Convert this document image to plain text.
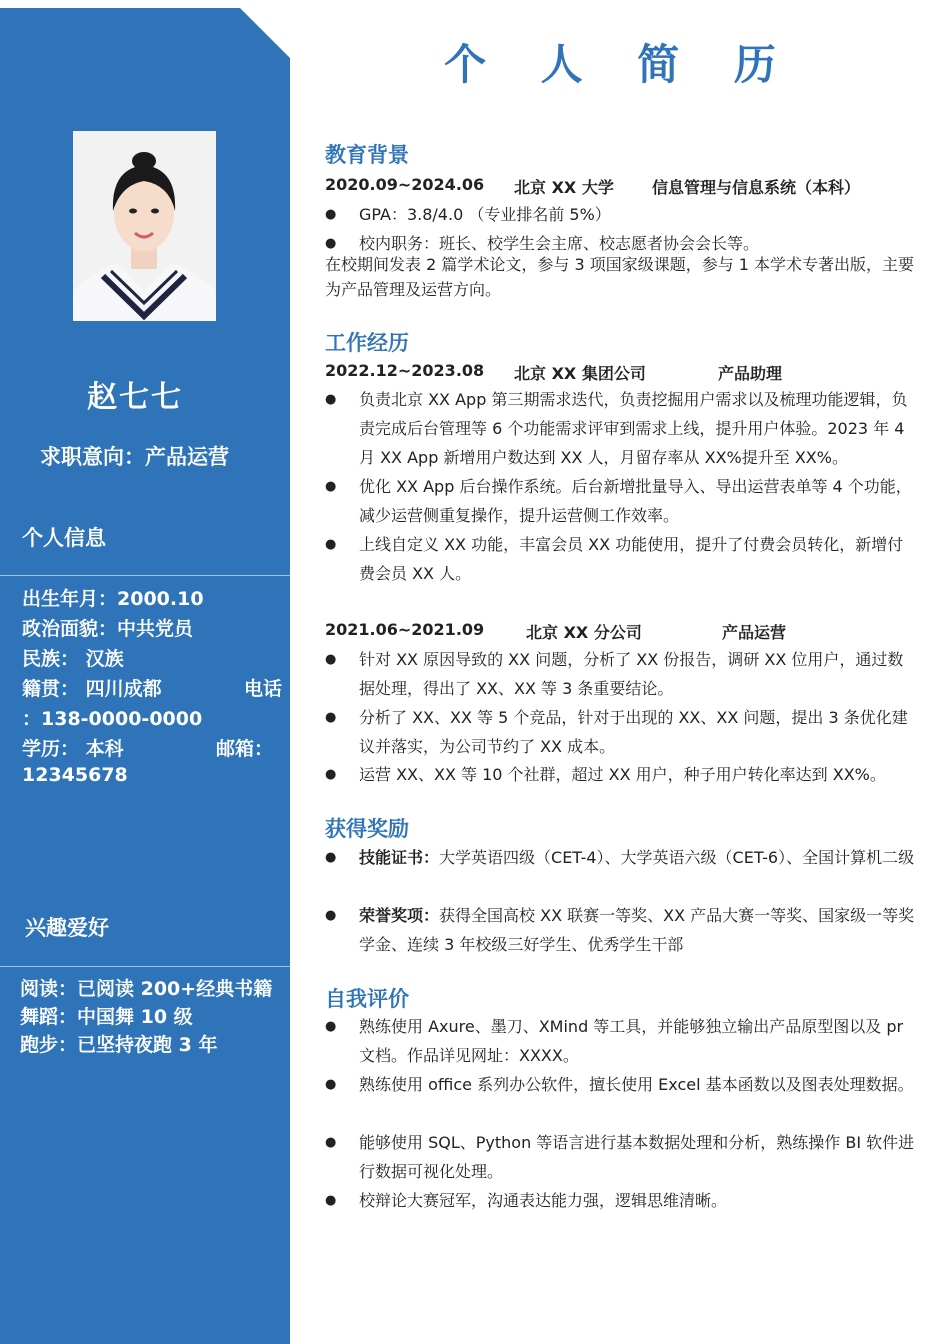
赵七七
求职意向：产品运营
个人信息
出生年月：2000.10
政治面貌：中共党员
民族： 汉族
籍贯： 四川成都	电话
：138-0000-0000
学历： 本科	邮箱：
12345678
兴趣爱好
阅读：已阅读 200+经典书籍
舞蹈：中国舞 10 级
跑步：已坚持夜跑 3 年
个 人 简 历
教育背景
2020.09~2024.06 北京 XX 大学 信息管理与信息系统（本科）
●	GPA：3.8/4.0 （专业排名前 5%）
●	校内职务：班长、校学生会主席、校志愿者协会会长等。
在校期间发表 2 篇学术论文，参与 3 项国家级课题，参与 1 本学术专著出版，主要为产品管理及运营方向。
工作经历
2022.12~2023.08 北京 XX 集团公司	产品助理
●	负责北京 XX App 第三期需求迭代，负责挖掘用户需求以及梳理功能逻辑，负责完成后台管理等 6 个功能需求评审到需求上线，提升用户体验。2023 年 4 月 XX App 新增用户数达到 XX 人，月留存率从 XX%提升至 XX%。
●	优化 XX App 后台操作系统。后台新增批量导入、导出运营表单等 4 个功能，减少运营侧重复操作，提升运营侧工作效率。
●	上线自定义 XX 功能，丰富会员 XX 功能使用，提升了付费会员转化，新增付费会员 XX 人。
2021.06~2021.09	北京 XX 分公司	产品运营
●	针对 XX 原因导致的 XX 问题，分析了 XX 份报告，调研 XX 位用户，通过数据处理，得出了 XX、XX 等 3 条重要结论。
●	分析了 XX、XX 等 5 个竞品，针对于出现的 XX、XX 问题，提出 3 条优化建议并落实，为公司节约了 XX 成本。
●	运营 XX、XX 等 10 个社群，超过 XX 用户，种子用户转化率达到 XX%。
获得奖励
●	技能证书：大学英语四级（CET-4）、大学英语六级（CET-6）、全国计算机二级
●	荣誉奖项：获得全国高校 XX 联赛一等奖、XX 产品大赛一等奖、国家级一等奖学金、连续 3 年校级三好学生、优秀学生干部
自我评价
●	熟练使用 Axure、墨刀、XMind 等工具，并能够独立输出产品原型图以及 pr 文档。作品详见网址：XXXX。
●	熟练使用 office 系列办公软件，擅长使用 Excel 基本函数以及图表处理数据。
●	能够使用 SQL、Python 等语言进行基本数据处理和分析，熟练操作 BI 软件进行数据可视化处理。
●	校辩论大赛冠军，沟通表达能力强，逻辑思维清晰。
